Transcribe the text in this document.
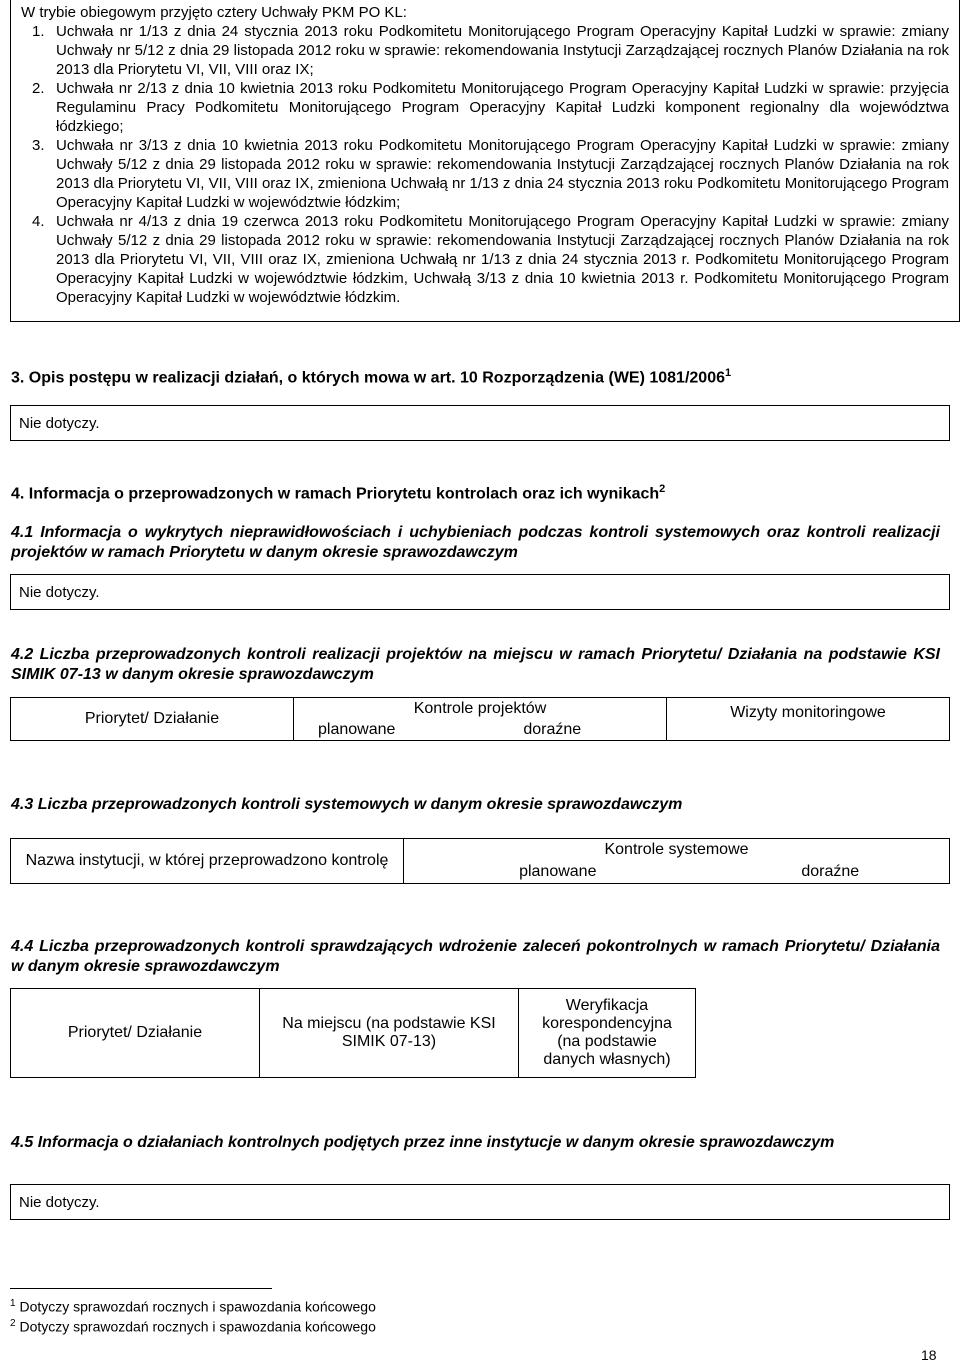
W trybie obiegowym przyjęto cztery Uchwały PKM PO KL:
1. Uchwała nr 1/13 z dnia 24 stycznia 2013 roku Podkomitetu Monitorującego Program Operacyjny Kapitał Ludzki w sprawie: zmiany Uchwały nr 5/12 z dnia 29 listopada 2012 roku w sprawie: rekomendowania Instytucji Zarządzającej rocznych Planów Działania na rok 2013 dla Priorytetu VI, VII, VIII oraz IX;
2. Uchwała nr 2/13 z dnia 10 kwietnia 2013 roku Podkomitetu Monitorującego Program Operacyjny Kapitał Ludzki w sprawie: przyjęcia Regulaminu Pracy Podkomitetu Monitorującego Program Operacyjny Kapitał Ludzki komponent regionalny dla województwa łódzkiego;
3. Uchwała nr 3/13 z dnia 10 kwietnia 2013 roku Podkomitetu Monitorującego Program Operacyjny Kapitał Ludzki w sprawie: zmiany Uchwały 5/12 z dnia 29 listopada 2012 roku w sprawie: rekomendowania Instytucji Zarządzającej rocznych Planów Działania na rok 2013 dla Priorytetu VI, VII, VIII oraz IX, zmieniona Uchwałą nr 1/13 z dnia 24 stycznia 2013 roku Podkomitetu Monitorującego Program Operacyjny Kapitał Ludzki w województwie łódzkim;
4. Uchwała nr 4/13 z dnia 19 czerwca 2013 roku Podkomitetu Monitorującego Program Operacyjny Kapitał Ludzki w sprawie: zmiany Uchwały 5/12 z dnia 29 listopada 2012 roku w sprawie: rekomendowania Instytucji Zarządzającej rocznych Planów Działania na rok 2013 dla Priorytetu VI, VII, VIII oraz IX, zmieniona Uchwałą nr 1/13 z dnia 24 stycznia 2013 r. Podkomitetu Monitorującego Program Operacyjny Kapitał Ludzki w województwie łódzkim, Uchwałą 3/13 z dnia 10 kwietnia 2013 r. Podkomitetu Monitorującego Program Operacyjny Kapitał Ludzki w województwie łódzkim.
3. Opis postępu w realizacji działań, o których mowa w art. 10 Rozporządzenia (WE) 1081/2006$^1$
Nie dotyczy.
4. Informacja o przeprowadzonych w ramach Priorytetu kontrolach oraz ich wynikach$^2$
4.1 Informacja o wykrytych nieprawidłowościach i uchybieniach podczas kontroli systemowych oraz kontroli realizacji projektów w ramach Priorytetu w danym okresie sprawozdawczym
Nie dotyczy.
4.2 Liczba przeprowadzonych kontroli realizacji projektów na miejscu w ramach Priorytetu/ Działania na podstawie KSI SIMIK 07-13 w danym okresie sprawozdawczym
Priorytet/ Działanie	Kontrole projektów		Wizyty monitoringowe
	planowane	doraźne	
4.3 Liczba przeprowadzonych kontroli systemowych w danym okresie sprawozdawczym
Nazwa instytucji, w której przeprowadzono kontrolę	Kontrole systemowe	
	planowane	doraźne
4.4 Liczba przeprowadzonych kontroli sprawdzających wdrożenie zaleceń pokontrolnych w ramach Priorytetu/ Działania w danym okresie sprawozdawczym
Priorytet/ Działanie	Na miejscu (na podstawie KSI SIMIK 07-13)	Weryfikacja korespondencyjna (na podstawie danych własnych)
4.5 Informacja o działaniach kontrolnych podjętych przez inne instytucje w danym okresie sprawozdawczym
Nie dotyczy.
$^1$ Dotyczy sprawozdań rocznych i spawozdania końcowego
$^2$ Dotyczy sprawozdań rocznych i spawozdania końcowego
18
